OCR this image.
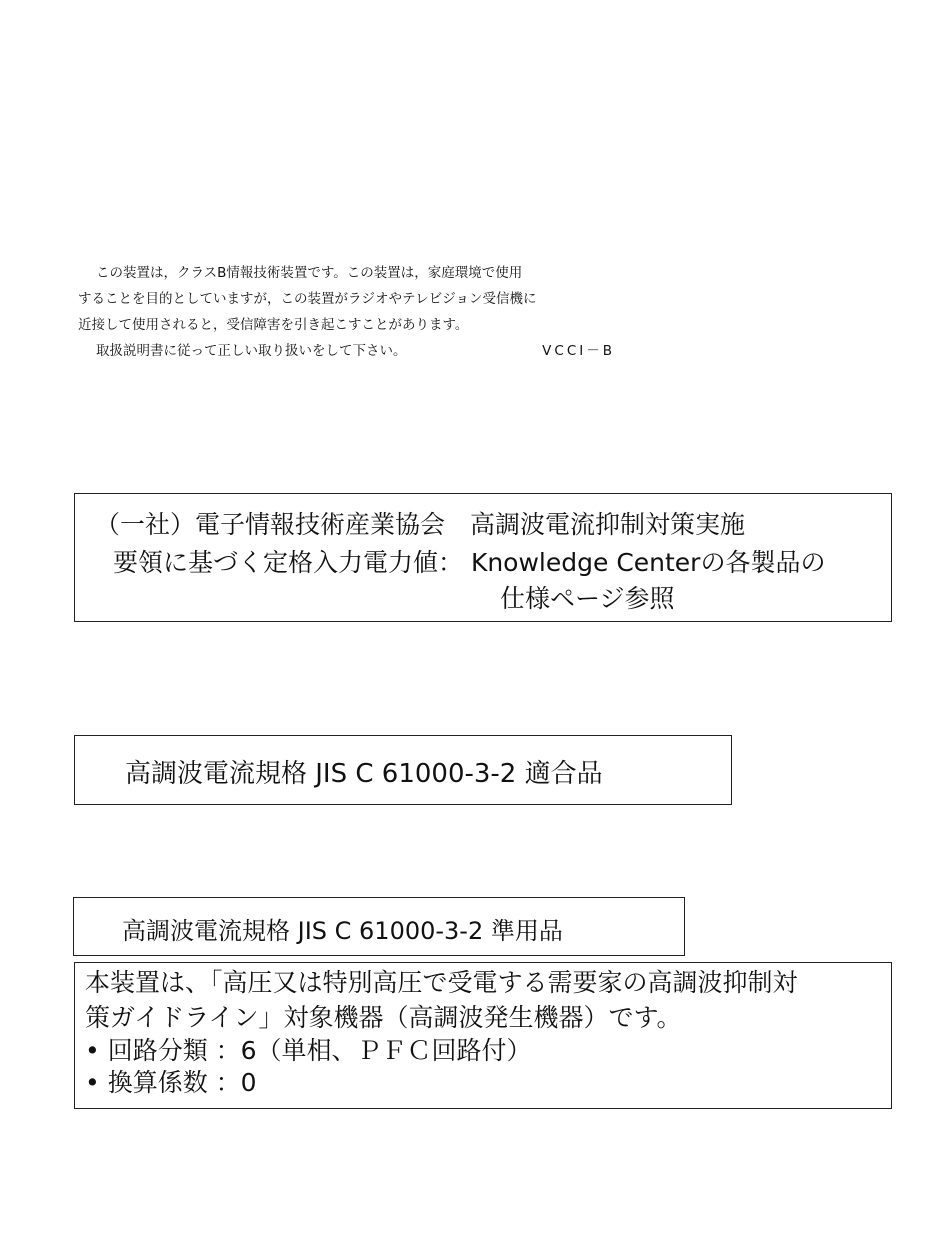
この装置は，クラスB情報技術装置です。この装置は，家庭環境で使用
することを目的としていますが，この装置がラジオやテレビジョン受信機に
近接して使用されると，受信障害を引き起こすことがあります。
取扱説明書に従って正しい取り扱いをして下さい。	VCCI－B
（一社）電子情報技術産業協会　高調波電流抑制対策実施
要領に基づく定格入力電力値： Knowledge Centerの各製品の
仕様ページ参照
高調波電流規格 JIS C 61000-3-2 適合品
高調波電流規格 JIS C 61000-3-2 準用品
本装置は、「高圧又は特別高圧で受電する需要家の高調波抑制対
策ガイドライン」対象機器（高調波発生機器）です。
• 回路分類 ：6（単相、ＰＦＣ回路付）
• 換算係数 ：0
